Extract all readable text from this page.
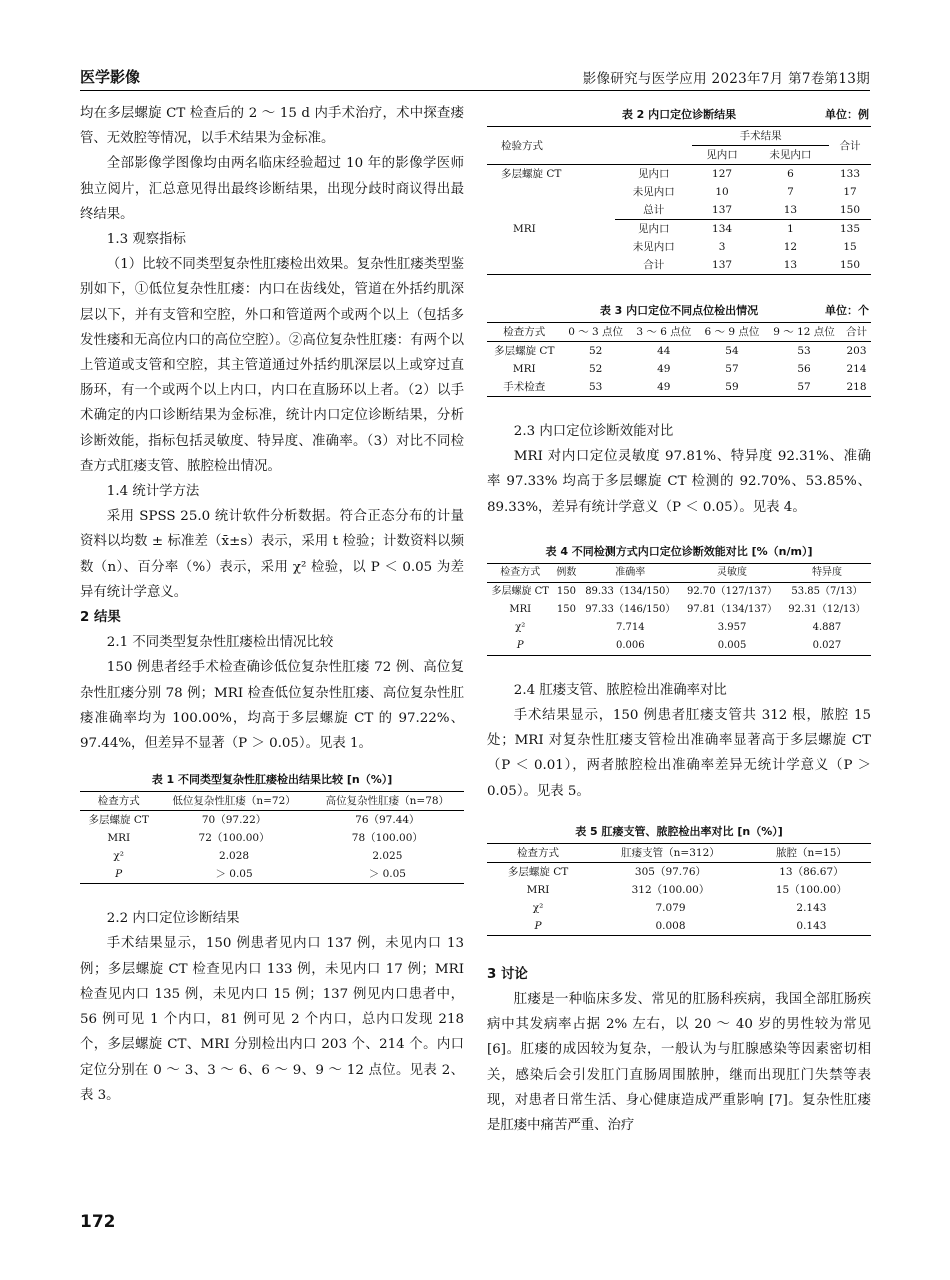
医学影像	影像研究与医学应用 2023年7月 第7卷第13期

均在多层螺旋 CT 检查后的 2 ～ 15 d 内手术治疗，术中探查瘘管、无效腔等情况，以手术结果为金标准。

全部影像学图像均由两名临床经验超过 10 年的影像学医师独立阅片，汇总意见得出最终诊断结果，出现分歧时商议得出最终结果。

1.3 观察指标

（1）比较不同类型复杂性肛瘘检出效果。复杂性肛瘘类型鉴别如下，①低位复杂性肛瘘：内口在齿线处，管道在外括约肌深层以下，并有支管和空腔，外口和管道两个或两个以上（包括多发性瘘和无高位内口的高位空腔）。②高位复杂性肛瘘：有两个以上管道或支管和空腔，其主管道通过外括约肌深层以上或穿过直肠环，有一个或两个以上内口，内口在直肠环以上者。（2）以手术确定的内口诊断结果为金标准，统计内口定位诊断结果，分析诊断效能，指标包括灵敏度、特异度、准确率。（3）对比不同检查方式肛瘘支管、脓腔检出情况。

1.4 统计学方法

采用 SPSS 25.0 统计软件分析数据。符合正态分布的计量资料以均数 ± 标准差（x̄±s）表示，采用 t 检验；计数资料以频数（n）、百分率（%）表示，采用 χ² 检验，以 P ＜ 0.05 为差异有统计学意义。

2 结果

2.1 不同类型复杂性肛瘘检出情况比较

150 例患者经手术检查确诊低位复杂性肛瘘 72 例、高位复杂性肛瘘分别 78 例；MRI 检查低位复杂性肛瘘、高位复杂性肛瘘准确率均为 100.00%，均高于多层螺旋 CT 的 97.22%、97.44%，但差异不显著（P ＞ 0.05）。见表 1。

表 1 不同类型复杂性肛瘘检出结果比较 [n（%）]
检查方式	低位复杂性肛瘘（n=72）	高位复杂性肛瘘（n=78）
多层螺旋 CT	70（97.22）	76（97.44）
MRI	72（100.00）	78（100.00）
χ²	2.028	2.025
P	＞ 0.05	＞ 0.05

2.2 内口定位诊断结果

手术结果显示，150 例患者见内口 137 例，未见内口 13 例；多层螺旋 CT 检查见内口 133 例，未见内口 17 例；MRI 检查见内口 135 例，未见内口 15 例；137 例见内口患者中，56 例可见 1 个内口，81 例可见 2 个内口，总内口发现 218 个，多层螺旋 CT、MRI 分别检出内口 203 个、214 个。内口定位分别在 0 ～ 3、3 ～ 6、6 ～ 9、9 ～ 12 点位。见表 2、表 3。

表 2 内口定位诊断结果	单位：例
检验方式		手术结果		合计
		见内口	未见内口	
多层螺旋 CT	见内口	127	6	133
	未见内口	10	7	17
	总计	137	13	150
MRI	见内口	134	1	135
	未见内口	3	12	15
	合计	137	13	150
表 3 内口定位不同点位检出情况	单位：个
检查方式	0 ～ 3 点位	3 ～ 6 点位	6 ～ 9 点位	9 ～ 12 点位	合计
多层螺旋 CT	52	44	54	53	203
MRI	52	49	57	56	214
手术检查	53	49	59	57	218

2.3 内口定位诊断效能对比

MRI 对内口定位灵敏度 97.81%、特异度 92.31%、准确率 97.33% 均高于多层螺旋 CT 检测的 92.70%、53.85%、89.33%，差异有统计学意义（P ＜ 0.05）。见表 4。

表 4 不同检测方式内口定位诊断效能对比 [%（n/m）]
检查方式	例数	准确率	灵敏度	特异度
多层螺旋 CT	150	89.33（134/150）	92.70（127/137）	53.85（7/13）
MRI	150	97.33（146/150）	97.81（134/137）	92.31（12/13）
χ²		7.714	3.957	4.887
P		0.006	0.005	0.027

2.4 肛瘘支管、脓腔检出准确率对比

手术结果显示，150 例患者肛瘘支管共 312 根，脓腔 15 处；MRI 对复杂性肛瘘支管检出准确率显著高于多层螺旋 CT（P ＜ 0.01），两者脓腔检出准确率差异无统计学意义（P ＞ 0.05）。见表 5。

表 5 肛瘘支管、脓腔检出率对比 [n（%）]
检查方式	肛瘘支管（n=312）	脓腔（n=15）
多层螺旋 CT	305（97.76）	13（86.67）
MRI	312（100.00）	15（100.00）
χ²	7.079	2.143
P	0.008	0.143

3 讨论

肛瘘是一种临床多发、常见的肛肠科疾病，我国全部肛肠疾病中其发病率占据 2% 左右，以 20 ～ 40 岁的男性较为常见 [6]。肛瘘的成因较为复杂，一般认为与肛腺感染等因素密切相关，感染后会引发肛门直肠周围脓肿，继而出现肛门失禁等表现，对患者日常生活、身心健康造成严重影响 [7]。复杂性肛瘘是肛瘘中痛苦严重、治疗

172
